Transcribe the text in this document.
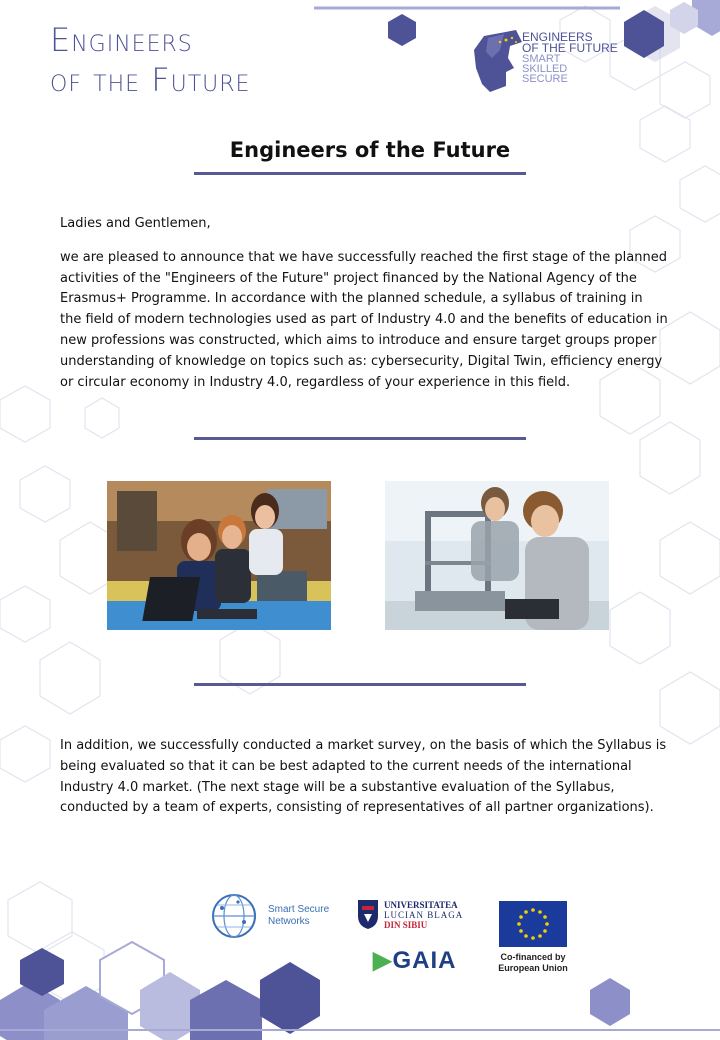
Engineers
of the Future
ENGINEERS
OF THE FUTURE
SMART
SKILLED
SECURE
Engineers of the Future

Ladies and Gentlemen,

we are pleased to announce that we have successfully reached the first stage of the planned activities of the "Engineers of the Future" project financed by the National Agency of the Erasmus+ Programme. In accordance with the planned schedule, a syllabus of training in the field of modern technologies used as part of Industry 4.0 and the benefits of education in new professions was constructed, which aims to introduce and ensure target groups proper understanding of knowledge on topics such as: cybersecurity, Digital Twin, efficiency energy or circular economy in Industry 4.0, regardless of your experience in this field.

In addition, we successfully conducted a market survey, on the basis of which the Syllabus is being evaluated so that it can be best adapted to the current needs of the international Industry 4.0 market. (The next stage will be a substantive evaluation of the Syllabus, conducted by a team of experts, consisting of representatives of all partner organizations).

Smart Secure
Networks
UNIVERSITATEA
LUCIAN BLAGA
DIN SIBIU
▶GAIA	Co-financed by
European Union
